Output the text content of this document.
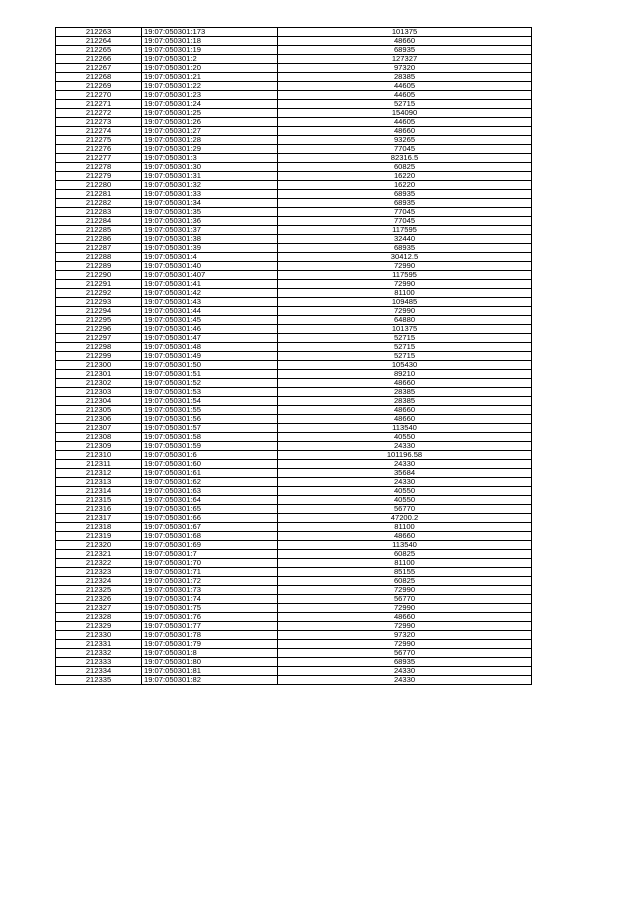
212263	19:07:050301:173	101375
212264	19:07:050301:18	48660
212265	19:07:050301:19	68935
212266	19:07:050301:2	127327
212267	19:07:050301:20	97320
212268	19:07:050301:21	28385
212269	19:07:050301:22	44605
212270	19:07:050301:23	44605
212271	19:07:050301:24	52715
212272	19:07:050301:25	154090
212273	19:07:050301:26	44605
212274	19:07:050301:27	48660
212275	19:07:050301:28	93265
212276	19:07:050301:29	77045
212277	19:07:050301:3	82316.5
212278	19:07:050301:30	60825
212279	19:07:050301:31	16220
212280	19:07:050301:32	16220
212281	19:07:050301:33	68935
212282	19:07:050301:34	68935
212283	19:07:050301:35	77045
212284	19:07:050301:36	77045
212285	19:07:050301:37	117595
212286	19:07:050301:38	32440
212287	19:07:050301:39	68935
212288	19:07:050301:4	30412.5
212289	19:07:050301:40	72990
212290	19:07:050301:407	117595
212291	19:07:050301:41	72990
212292	19:07:050301:42	81100
212293	19:07:050301:43	109485
212294	19:07:050301:44	72990
212295	19:07:050301:45	64880
212296	19:07:050301:46	101375
212297	19:07:050301:47	52715
212298	19:07:050301:48	52715
212299	19:07:050301:49	52715
212300	19:07:050301:50	105430
212301	19:07:050301:51	89210
212302	19:07:050301:52	48660
212303	19:07:050301:53	28385
212304	19:07:050301:54	28385
212305	19:07:050301:55	48660
212306	19:07:050301:56	48660
212307	19:07:050301:57	113540
212308	19:07:050301:58	40550
212309	19:07:050301:59	24330
212310	19:07:050301:6	101196.58
212311	19:07:050301:60	24330
212312	19:07:050301:61	35684
212313	19:07:050301:62	24330
212314	19:07:050301:63	40550
212315	19:07:050301:64	40550
212316	19:07:050301:65	56770
212317	19:07:050301:66	47200.2
212318	19:07:050301:67	81100
212319	19:07:050301:68	48660
212320	19:07:050301:69	113540
212321	19:07:050301:7	60825
212322	19:07:050301:70	81100
212323	19:07:050301:71	85155
212324	19:07:050301:72	60825
212325	19:07:050301:73	72990
212326	19:07:050301:74	56770
212327	19:07:050301:75	72990
212328	19:07:050301:76	48660
212329	19:07:050301:77	72990
212330	19:07:050301:78	97320
212331	19:07:050301:79	72990
212332	19:07:050301:8	56770
212333	19:07:050301:80	68935
212334	19:07:050301:81	24330
212335	19:07:050301:82	24330
